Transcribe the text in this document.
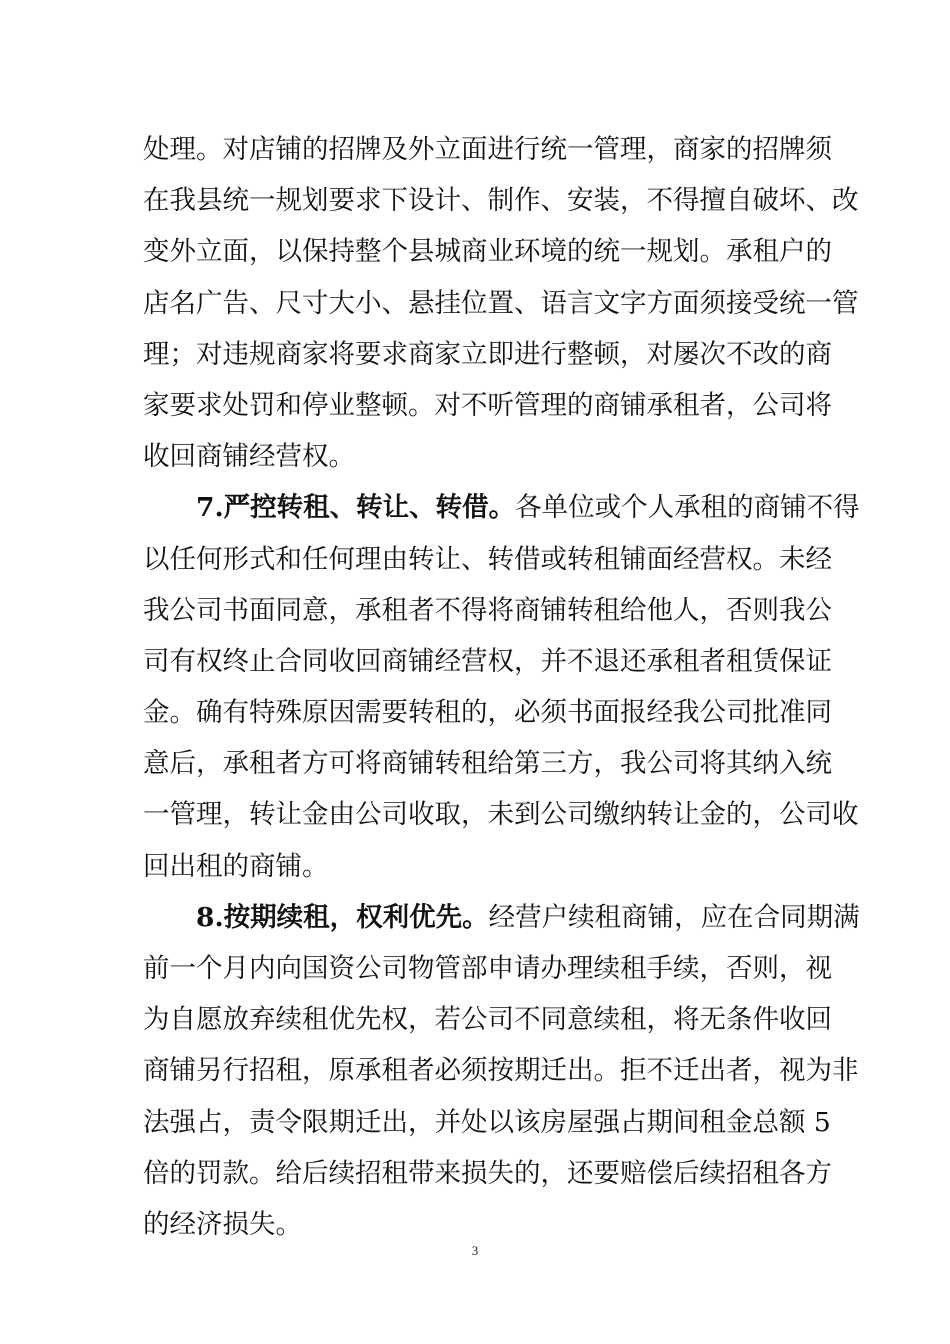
处理。对店铺的招牌及外立面进行统一管理，商家的招牌须
在我县统一规划要求下设计、制作、安装，不得擅自破坏、改
变外立面，以保持整个县城商业环境的统一规划。承租户的
店名广告、尺寸大小、悬挂位置、语言文字方面须接受统一管
理；对违规商家将要求商家立即进行整顿，对屡次不改的商
家要求处罚和停业整顿。对不听管理的商铺承租者，公司将
收回商铺经营权。
7.严控转租、转让、转借。各单位或个人承租的商铺不得
以任何形式和任何理由转让、转借或转租铺面经营权。未经
我公司书面同意，承租者不得将商铺转租给他人，否则我公
司有权终止合同收回商铺经营权，并不退还承租者租赁保证
金。确有特殊原因需要转租的，必须书面报经我公司批准同
意后，承租者方可将商铺转租给第三方，我公司将其纳入统
一管理，转让金由公司收取，未到公司缴纳转让金的，公司收
回出租的商铺。
8.按期续租，权利优先。经营户续租商铺，应在合同期满
前一个月内向国资公司物管部申请办理续租手续，否则，视
为自愿放弃续租优先权，若公司不同意续租，将无条件收回
商铺另行招租，原承租者必须按期迁出。拒不迁出者，视为非
法强占，责令限期迁出，并处以该房屋强占期间租金总额 5
倍的罚款。给后续招租带来损失的，还要赔偿后续招租各方
的经济损失。
3
